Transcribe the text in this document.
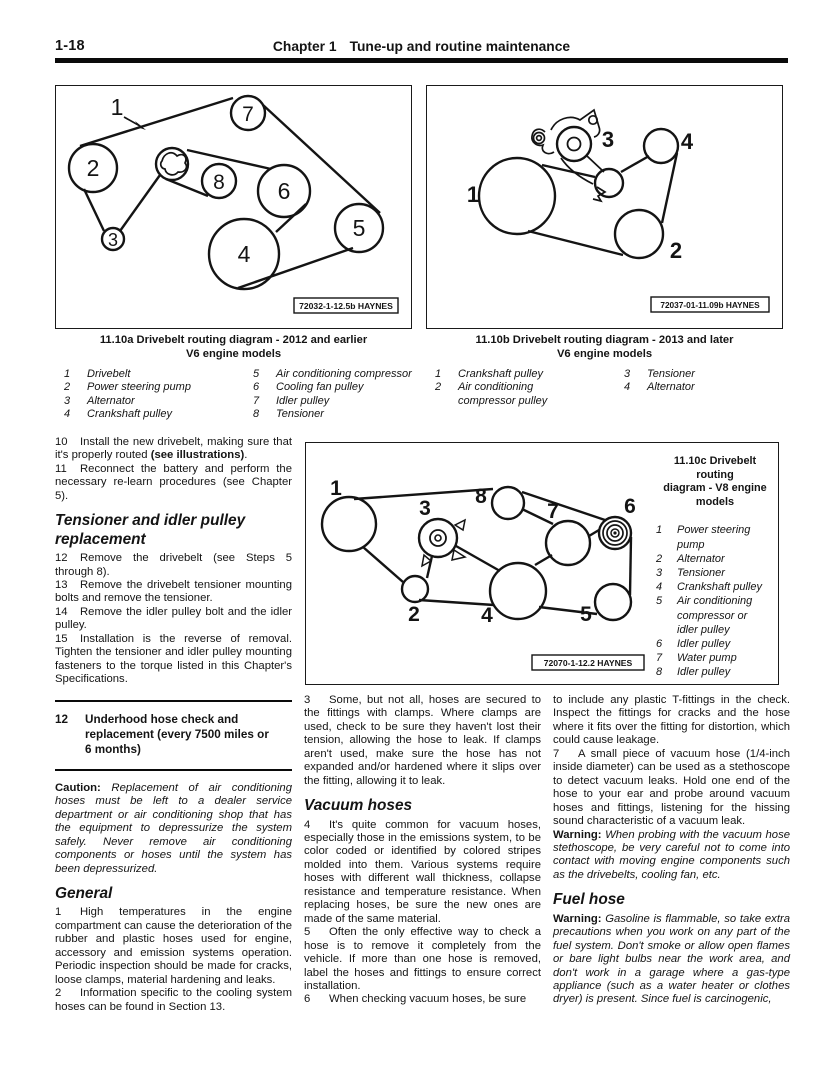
1-18	Chapter 1 Tune-up and routine maintenance
1
2
3
4
5
6
7
8
72032-1-12.5b HAYNES
1
2
3	4
72037-01-11.09b HAYNES
11.10a Drivebelt routing diagram - 2012 and earlier
V6 engine models
11.10b Drivebelt routing diagram - 2013 and later
V6 engine models
1	Drivebelt
2	Power steering pump
3	Alternator
4	Crankshaft pulley
5	Air conditioning compressor
6	Cooling fan pulley
7	Idler pulley
8	Tensioner
1	Crankshaft pulley
2	Air conditioning
compressor pulley
3	Tensioner
4	Alternator

10 Install the new drivebelt, making sure that it's properly routed (see illustrations).

11 Reconnect the battery and perform the necessary re-learn procedures (see Chapter 5).

Tensioner and idler pulley replacement

12 Remove the drivebelt (see Steps 5 through 8).

13 Remove the drivebelt tensioner mounting bolts and remove the tensioner.

14 Remove the idler pulley bolt and the idler pulley.

15 Installation is the reverse of removal. Tighten the tensioner and idler pulley mounting fasteners to the torque listed in this Chapter's Specifications.

12	Underhood hose check and replacement (every 7500 miles or 6 months)

Caution: Replacement of air conditioning hoses must be left to a dealer service department or air conditioning shop that has the equipment to depressurize the system safely. Never remove air conditioning components or hoses until the system has been depressurized.

General

1 High temperatures in the engine compartment can cause the deterioration of the rubber and plastic hoses used for engine, accessory and emission systems operation. Periodic inspection should be made for cracks, loose clamps, material hardening and leaks.

2 Information specific to the cooling system hoses can be found in Section 13.

1
2
3
4	5
6
7
8
72070-1-12.2 HAYNES
11.10c Drivebelt routing
diagram - V8 engine
models
1	Power steering
pump
2	Alternator
3	Tensioner
4	Crankshaft pulley
5	Air conditioning
compressor or
idler pulley
6	Idler pulley
7	Water pump
8	Idler pulley

3 Some, but not all, hoses are secured to the fittings with clamps. Where clamps are used, check to be sure they haven't lost their tension, allowing the hose to leak. If clamps aren't used, make sure the hose has not expanded and/or hardened where it slips over the fitting, allowing it to leak.

Vacuum hoses

4 It's quite common for vacuum hoses, especially those in the emissions system, to be color coded or identified by colored stripes molded into them. Various systems require hoses with different wall thickness, collapse resistance and temperature resistance. When replacing hoses, be sure the new ones are made of the same material.

5 Often the only effective way to check a hose is to remove it completely from the vehicle. If more than one hose is removed, label the hoses and fittings to ensure correct installation.

6 When checking vacuum hoses, be sure

to include any plastic T-fittings in the check. Inspect the fittings for cracks and the hose where it fits over the fitting for distortion, which could cause leakage.

7 A small piece of vacuum hose (1/4-inch inside diameter) can be used as a stethoscope to detect vacuum leaks. Hold one end of the hose to your ear and probe around vacuum hoses and fittings, listening for the hissing sound characteristic of a vacuum leak.

Warning: When probing with the vacuum hose stethoscope, be very careful not to come into contact with moving engine components such as the drivebelts, cooling fan, etc.

Fuel hose

Warning: Gasoline is flammable, so take extra precautions when you work on any part of the fuel system. Don't smoke or allow open flames or bare light bulbs near the work area, and don't work in a garage where a gas-type appliance (such as a water heater or clothes dryer) is present. Since fuel is carcinogenic,
